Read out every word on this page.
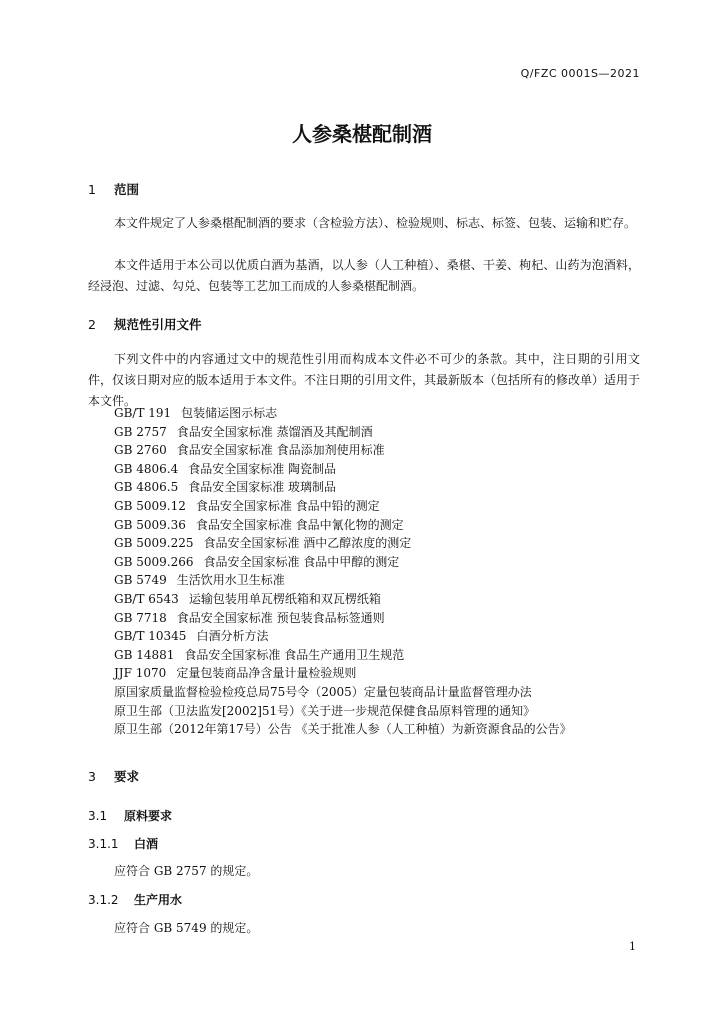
Q/FZC 0001S—2021
人参桑椹配制酒
1 范围
本文件规定了人参桑椹配制酒的要求（含检验方法）、检验规则、标志、标签、包装、运输和贮存。
本文件适用于本公司以优质白酒为基酒，以人参（人工种植）、桑椹、干姜、枸杞、山药为泡酒料，经浸泡、过滤、勾兑、包装等工艺加工而成的人参桑椹配制酒。
2 规范性引用文件
下列文件中的内容通过文中的规范性引用而构成本文件必不可少的条款。其中，注日期的引用文件，仅该日期对应的版本适用于本文件。不注日期的引用文件，其最新版本（包括所有的修改单）适用于本文件。
GB/T 191 包装储运图示标志
GB 2757 食品安全国家标准 蒸馏酒及其配制酒
GB 2760 食品安全国家标准 食品添加剂使用标准
GB 4806.4 食品安全国家标准 陶瓷制品
GB 4806.5 食品安全国家标准 玻璃制品
GB 5009.12 食品安全国家标准 食品中铅的测定
GB 5009.36 食品安全国家标准 食品中氰化物的测定
GB 5009.225 食品安全国家标准 酒中乙醇浓度的测定
GB 5009.266 食品安全国家标准 食品中甲醇的测定
GB 5749 生活饮用水卫生标准
GB/T 6543 运输包装用单瓦楞纸箱和双瓦楞纸箱
GB 7718 食品安全国家标准 预包装食品标签通则
GB/T 10345 白酒分析方法
GB 14881 食品安全国家标准 食品生产通用卫生规范
JJF 1070 定量包装商品净含量计量检验规则
原国家质量监督检验检疫总局75号令（2005）定量包装商品计量监督管理办法
原卫生部（卫法监发[2002]51号）《关于进一步规范保健食品原料管理的通知》
原卫生部（2012年第17号）公告 《关于批准人参（人工种植）为新资源食品的公告》
3 要求
3.1 原料要求
3.1.1 白酒
应符合 GB 2757 的规定。
3.1.2 生产用水
应符合 GB 5749 的规定。
1
